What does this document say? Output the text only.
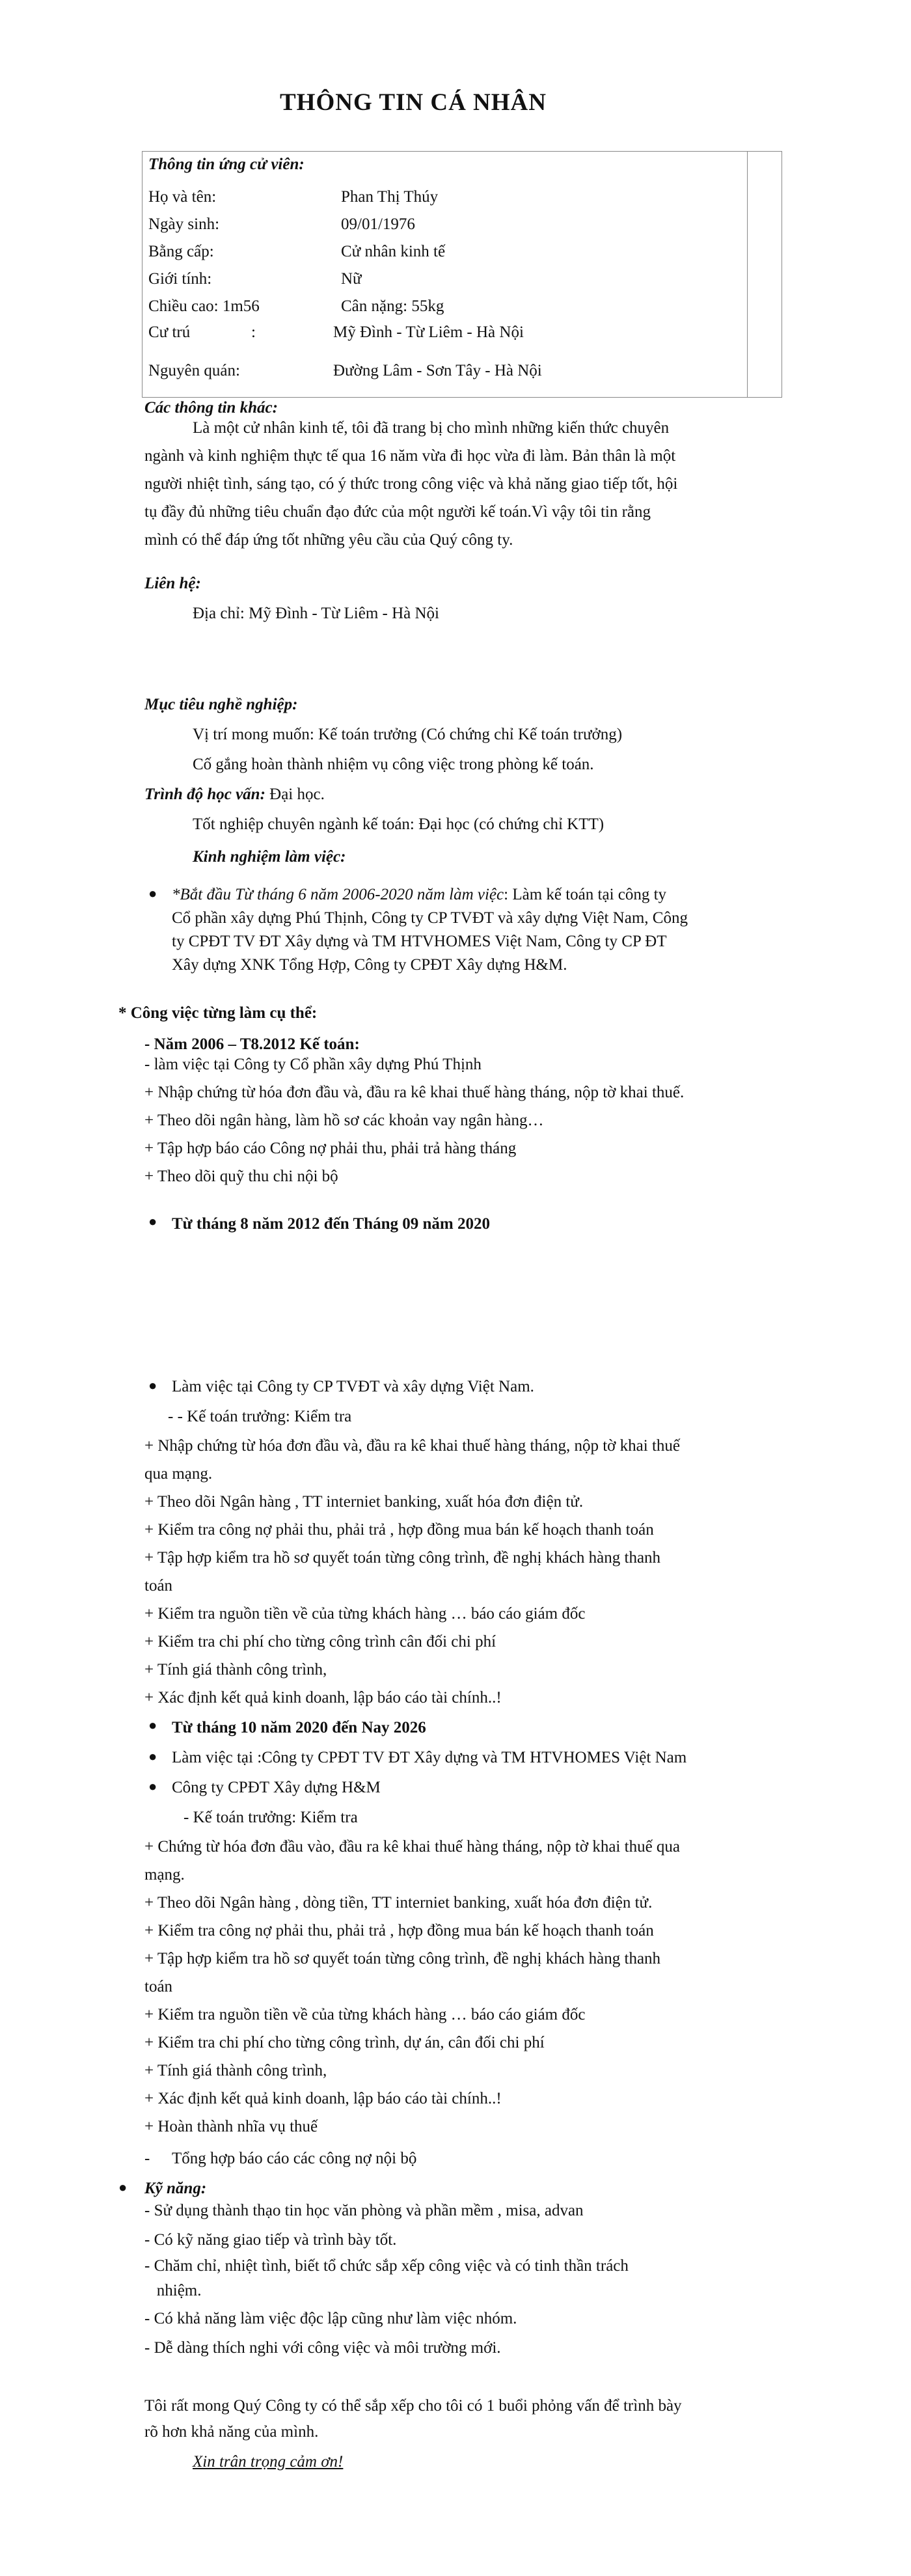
THÔNG TIN CÁ NHÂN
Thông tin ứng cử viên:
Họ và tên:	Phan Thị Thúy
Ngày sinh:	09/01/1976
Bằng cấp:	Cử nhân kinh tế
Giới tính:	Nữ
Chiều cao: 1m56	Cân nặng: 55kg
Cư trú	:	Mỹ Đình - Từ Liêm - Hà Nội
Nguyên quán:	Đường Lâm - Sơn Tây - Hà Nội
Các thông tin khác:
Là một cử nhân kinh tế, tôi đã trang bị cho mình những kiến thức chuyên
ngành và kinh nghiệm thực tế qua 16 năm vừa đi học vừa đi làm. Bản thân là một
người nhiệt tình, sáng tạo, có ý thức trong công việc và khả năng giao tiếp tốt, hội
tụ đầy đủ những tiêu chuẩn đạo đức của một người kế toán.Vì vậy tôi tin rằng
mình có thể đáp ứng tốt những yêu cầu của Quý công ty.
Liên hệ:
Địa chỉ: Mỹ Đình - Từ Liêm - Hà Nội
Mục tiêu nghề nghiệp:
Vị trí mong muốn: Kế toán trưởng (Có chứng chỉ Kế toán trưởng)
Cố gắng hoàn thành nhiệm vụ công việc trong phòng kế toán.
Trình độ học vấn: Đại học.
Tốt nghiệp chuyên ngành kế toán: Đại học (có chứng chỉ KTT)
Kinh nghiệm làm việc:
● *Bắt đầu Từ tháng 6 năm 2006-2020 năm làm việc: Làm kế toán tại công ty
Cổ phần xây dựng Phú Thịnh, Công ty CP TVĐT và xây dựng Việt Nam, Công
ty CPĐT TV ĐT Xây dựng và TM HTVHOMES Việt Nam, Công ty CP ĐT
Xây dựng XNK Tổng Hợp, Công ty CPĐT Xây dựng H&M.
* Công việc từng làm cụ thể:
- Năm 2006 – T8.2012 Kế toán:
- làm việc tại Công ty Cổ phần xây dựng Phú Thịnh
+ Nhập chứng từ hóa đơn đầu và, đầu ra kê khai thuế hàng tháng, nộp tờ khai thuế.
+ Theo dõi ngân hàng, làm hồ sơ các khoản vay ngân hàng…
+ Tập hợp báo cáo Công nợ phải thu, phải trả hàng tháng
+ Theo dõi quỹ thu chi nội bộ
● Từ tháng 8 năm 2012 đến Tháng 09 năm 2020
● Làm việc tại Công ty CP TVĐT và xây dựng Việt Nam.
- - Kế toán trưởng: Kiểm tra
+ Nhập chứng từ hóa đơn đầu và, đầu ra kê khai thuế hàng tháng, nộp tờ khai thuế
qua mạng.
+ Theo dõi Ngân hàng , TT interniet banking, xuất hóa đơn điện tử.
+ Kiểm tra công nợ phải thu, phải trả , hợp đồng mua bán kế hoạch thanh toán
+ Tập hợp kiểm tra hồ sơ quyết toán từng công trình, đề nghị khách hàng thanh
toán
+ Kiểm tra nguồn tiền về của từng khách hàng … báo cáo giám đốc
+ Kiểm tra chi phí cho từng công trình cân đối chi phí
+ Tính giá thành công trình,
+ Xác định kết quả kinh doanh, lập báo cáo tài chính..!
● Từ tháng 10 năm 2020 đến Nay 2026
● Làm việc tại :Công ty CPĐT TV ĐT Xây dựng và TM HTVHOMES Việt Nam
● Công ty CPĐT Xây dựng H&M
- Kế toán trưởng: Kiểm tra
+ Chứng từ hóa đơn đầu vào, đầu ra kê khai thuế hàng tháng, nộp tờ khai thuế qua
mạng.
+ Theo dõi Ngân hàng , dòng tiền, TT interniet banking, xuất hóa đơn điện tử.
+ Kiểm tra công nợ phải thu, phải trả , hợp đồng mua bán kế hoạch thanh toán
+ Tập hợp kiểm tra hồ sơ quyết toán từng công trình, đề nghị khách hàng thanh
toán
+ Kiểm tra nguồn tiền về của từng khách hàng … báo cáo giám đốc
+ Kiểm tra chi phí cho từng công trình, dự án, cân đối chi phí
+ Tính giá thành công trình,
+ Xác định kết quả kinh doanh, lập báo cáo tài chính..!
+ Hoàn thành nhĩa vụ thuế
- Tổng hợp báo cáo các công nợ nội bộ
● Kỹ năng:
- Sử dụng thành thạo tin học văn phòng và phần mềm , misa, advan
- Có kỹ năng giao tiếp và trình bày tốt.
- Chăm chỉ, nhiệt tình, biết tổ chức sắp xếp công việc và có tinh thần trách
nhiệm.
- Có khả năng làm việc độc lập cũng như làm việc nhóm.
- Dễ dàng thích nghi với công việc và môi trường mới.
Tôi rất mong Quý Công ty có thể sắp xếp cho tôi có 1 buổi phỏng vấn để trình bày
rõ hơn khả năng của mình.
Xin trân trọng cảm ơn!
